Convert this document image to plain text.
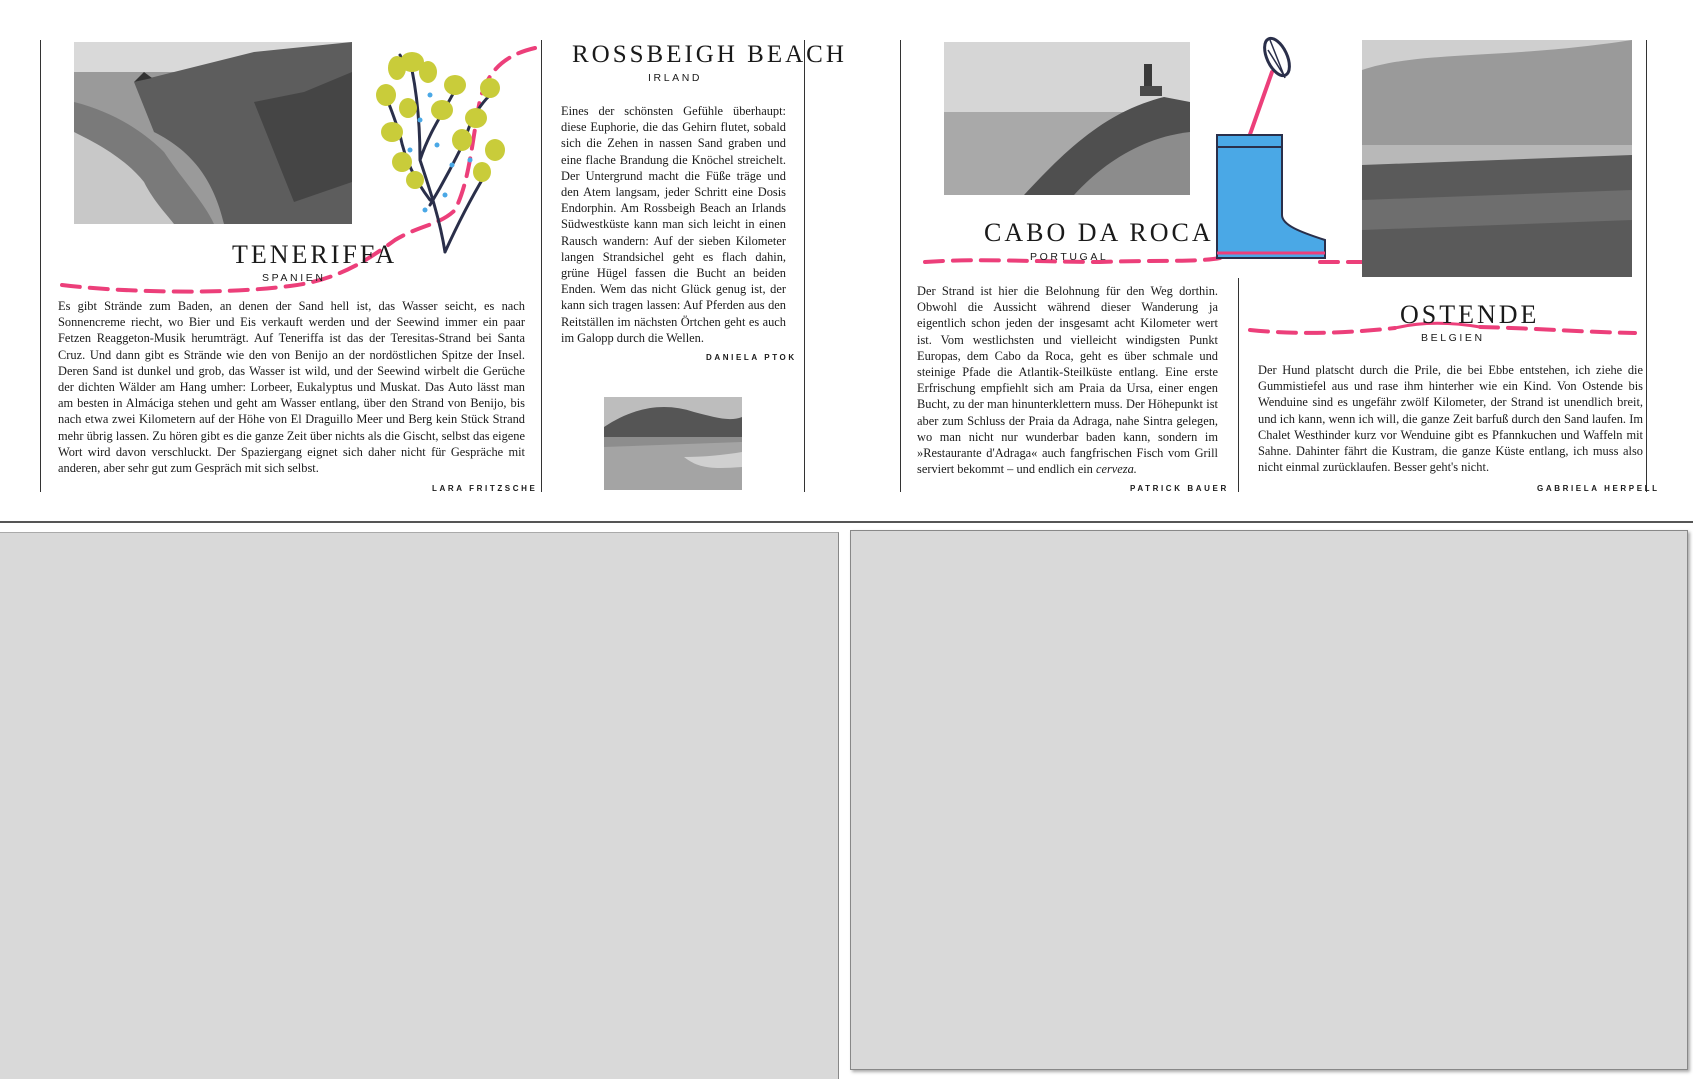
TENERIFFA
SPANIEN

Es gibt Strände zum Baden, an denen der Sand hell ist, das Wasser seicht, es nach Sonnencreme riecht, wo Bier und Eis verkauft werden und der Seewind immer ein paar Fetzen Reaggeton-Musik herumträgt. Auf Teneriffa ist das der Teresitas-Strand bei Santa Cruz. Und dann gibt es Strände wie den von Benijo an der nordöstlichen Spitze der Insel. Deren Sand ist dunkel und grob, das Wasser ist wild, und der Seewind wirbelt die Gerüche der dichten Wälder am Hang umher: Lorbeer, Eukalyptus und Muskat. Das Auto lässt man am besten in Almáciga stehen und geht am Wasser entlang, über den Strand von Benijo, bis nach etwa zwei Kilometern auf der Höhe von El Draguillo Meer und Berg kein Stück Strand mehr übrig lassen. Zu hören gibt es die ganze Zeit über nichts als die Gischt, selbst das eigene Wort wird davon verschluckt. Der Spaziergang eignet sich daher nicht für Gespräche mit anderen, aber sehr gut zum Gespräch mit sich selbst.

LARA FRITZSCHE
ROSSBEIGH BEACH
IRLAND

Eines der schönsten Gefühle überhaupt: diese Euphorie, die das Gehirn flutet, sobald sich die Zehen in nassen Sand graben und eine flache Brandung die Knöchel streichelt. Der Untergrund macht die Füße träge und den Atem langsam, jeder Schritt eine Dosis Endorphin. Am Rossbeigh Beach an Irlands Südwestküste kann man sich leicht in einen Rausch wandern: Auf der sieben Kilometer langen Strandsichel geht es flach dahin, grüne Hügel fassen die Bucht an beiden Enden. Wem das nicht Glück genug ist, der kann sich tragen lassen: Auf Pferden aus den Reitställen im nächsten Örtchen geht es auch im Galopp durch die Wellen.

DANIELA PTOK
CABO DA ROCA
PORTUGAL

Der Strand ist hier die Belohnung für den Weg dorthin. Obwohl die Aussicht während dieser Wanderung ja eigentlich schon jeden der insgesamt acht Kilometer wert ist. Vom westlichsten und vielleicht windigsten Punkt Europas, dem Cabo da Roca, geht es über schmale und steinige Pfade die Atlantik-Steilküste entlang. Eine erste Erfrischung empfiehlt sich am Praia da Ursa, einer engen Bucht, zu der man hinunterklettern muss. Der Höhepunkt ist aber zum Schluss der Praia da Adraga, nahe Sintra gelegen, wo man nicht nur wunderbar baden kann, sondern im »Restaurante d'Adraga« auch fangfrischen Fisch vom Grill serviert bekommt – und endlich ein cerveza.

PATRICK BAUER
OSTENDE
BELGIEN

Der Hund platscht durch die Prile, die bei Ebbe entstehen, ich ziehe die Gummistiefel aus und rase ihm hinterher wie ein Kind. Von Ostende bis Wenduine sind es ungefähr zwölf Kilometer, der Strand ist unendlich breit, und ich kann, wenn ich will, die ganze Zeit barfuß durch den Sand laufen. Im Chalet Westhinder kurz vor Wenduine gibt es Pfannkuchen und Waffeln mit Sahne. Dahinter fährt die Kustram, die ganze Küste entlang, ich muss also nicht einmal zurücklaufen. Besser geht's nicht.

GABRIELA HERPELL
